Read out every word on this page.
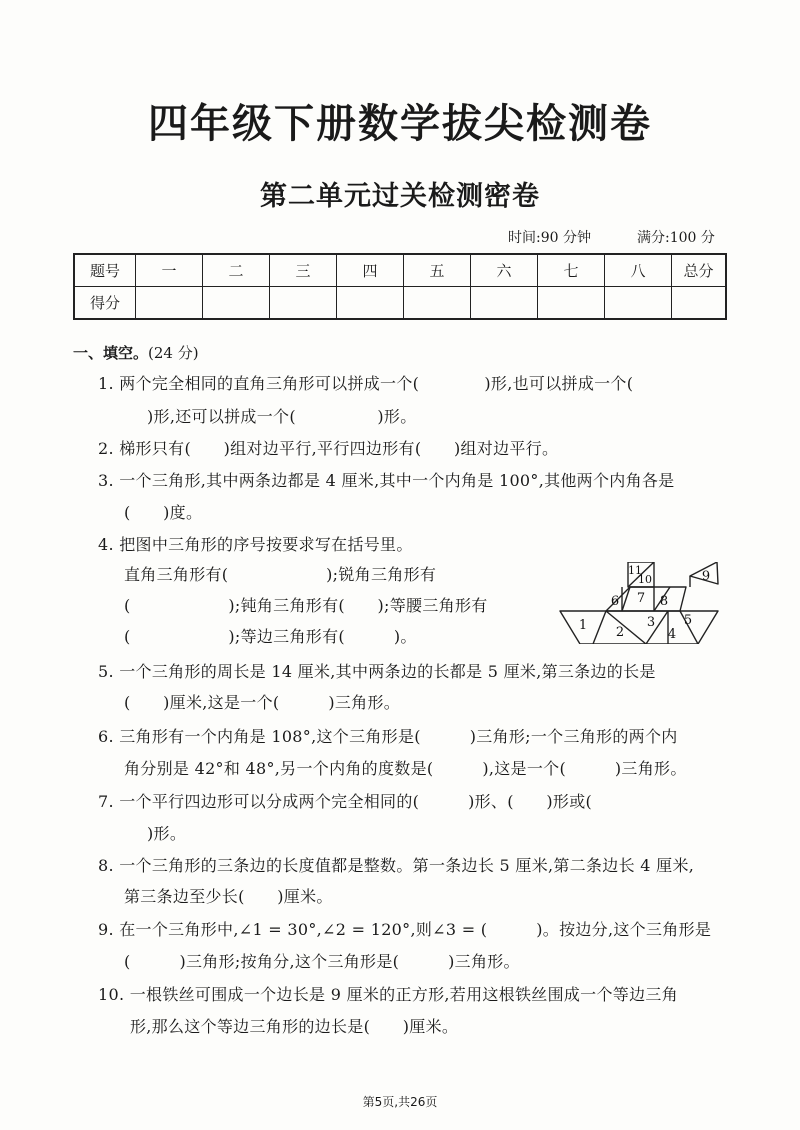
四年级下册数学拔尖检测卷
第二单元过关检测密卷
时间:90 分钟	满分:100 分
题号	一	二	三	四	五	六	七	八	总分
得分									
一、填空。(24 分)
1. 两个完全相同的直角三角形可以拼成一个(　　　　)形,也可以拼成一个(
)形,还可以拼成一个(　　　　　)形。
2. 梯形只有(　　)组对边平行,平行四边形有(　　)组对边平行。
3. 一个三角形,其中两条边都是 4 厘米,其中一个内角是 100°,其他两个内角各是
(　　)度。
4. 把图中三角形的序号按要求写在括号里。
直角三角形有(　　　　　　);锐角三角形有
(　　　　　　);钝角三角形有(　　);等腰三角形有
(　　　　　　);等边三角形有(　　　)。
1 2
3
4
5
6 7 8
9
10
11
5. 一个三角形的周长是 14 厘米,其中两条边的长都是 5 厘米,第三条边的长是
(　　)厘米,这是一个(　　　)三角形。
6. 三角形有一个内角是 108°,这个三角形是(　　　)三角形;一个三角形的两个内
角分别是 42°和 48°,另一个内角的度数是(　　　),这是一个(　　　)三角形。
7. 一个平行四边形可以分成两个完全相同的(　　　)形、(　　)形或(
)形。
8. 一个三角形的三条边的长度值都是整数。第一条边长 5 厘米,第二条边长 4 厘米,
第三条边至少长(　　)厘米。
9. 在一个三角形中,∠1 = 30°,∠2 = 120°,则∠3 = (　　　)。按边分,这个三角形是
(　　　)三角形;按角分,这个三角形是(　　　)三角形。
10. 一根铁丝可围成一个边长是 9 厘米的正方形,若用这根铁丝围成一个等边三角
形,那么这个等边三角形的边长是(　　)厘米。
第5页,共26页
